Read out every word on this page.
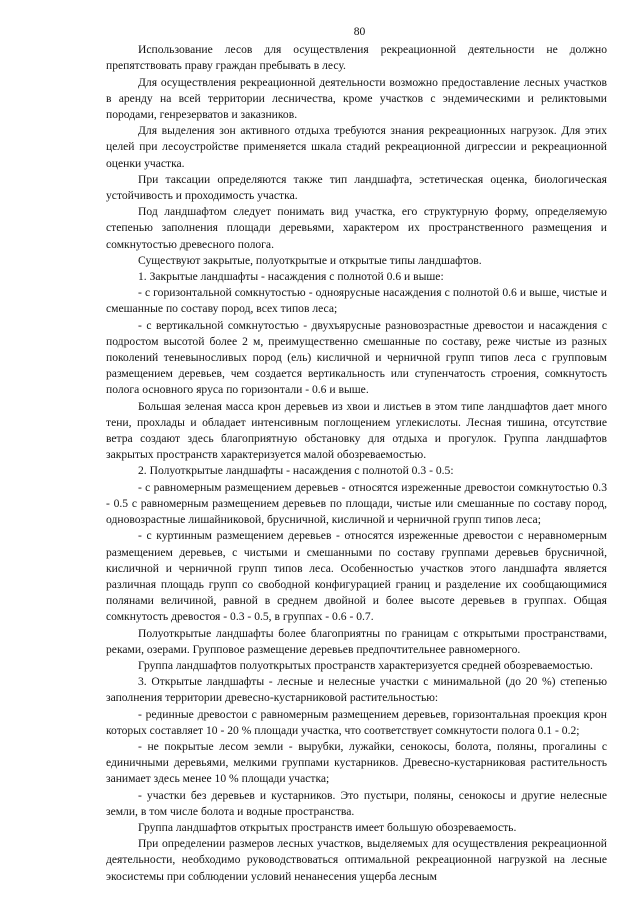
80

Использование лесов для осуществления рекреационной деятельности не должно препятствовать праву граждан пребывать в лесу.

Для осуществления рекреационной деятельности возможно предоставление лесных участков в аренду на всей территории лесничества, кроме участков с эндемическими и реликтовыми породами, генрезерватов и заказников.

Для выделения зон активного отдыха требуются знания рекреационных нагрузок. Для этих целей при лесоустройстве применяется шкала стадий рекреационной дигрессии и рекреационной оценки участка.

При таксации определяются также тип ландшафта, эстетическая оценка, биологическая устойчивость и проходимость участка.

Под ландшафтом следует понимать вид участка, его структурную форму, определяемую степенью заполнения площади деревьями, характером их пространственного размещения и сомкнутостью древесного полога.

Существуют закрытые, полуоткрытые и открытые типы ландшафтов.

1. Закрытые ландшафты - насаждения с полнотой 0.6 и выше:

- с горизонтальной сомкнутостью - одноярусные насаждения с полнотой 0.6 и выше, чистые и смешанные по составу пород, всех типов леса;

- с вертикальной сомкнутостью - двухъярусные разновозрастные древостои и насаждения с подростом высотой более 2 м, преимущественно смешанные по составу, реже чистые из разных поколений теневыносливых пород (ель) кисличной и черничной групп типов леса с групповым размещением деревьев, чем создается вертикальность или ступенчатость строения, сомкнутость полога основного яруса по горизонтали - 0.6 и выше.

Большая зеленая масса крон деревьев из хвои и листьев в этом типе ландшафтов дает много тени, прохлады и обладает интенсивным поглощением углекислоты. Лесная тишина, отсутствие ветра создают здесь благоприятную обстановку для отдыха и прогулок. Группа ландшафтов закрытых пространств характеризуется малой обозреваемостью.

2. Полуоткрытые ландшафты - насаждения с полнотой 0.3 - 0.5:

- с равномерным размещением деревьев - относятся изреженные древостои сомкнутостью 0.3 - 0.5 с равномерным размещением деревьев по площади, чистые или смешанные по составу пород, одновозрастные лишайниковой, брусничной, кисличной и черничной групп типов леса;

- с куртинным размещением деревьев - относятся изреженные древостои с неравномерным размещением деревьев, с чистыми и смешанными по составу группами деревьев брусничной, кисличной и черничной групп типов леса. Особенностью участков этого ландшафта является различная площадь групп со свободной конфигурацией границ и разделение их сообщающимися полянами величиной, равной в среднем двойной и более высоте деревьев в группах. Общая сомкнутость древостоя - 0.3 - 0.5, в группах - 0.6 - 0.7.

Полуоткрытые ландшафты более благоприятны по границам с открытыми пространствами, реками, озерами. Групповое размещение деревьев предпочтительнее равномерного.

Группа ландшафтов полуоткрытых пространств характеризуется средней обозреваемостью.

3. Открытые ландшафты - лесные и нелесные участки с минимальной (до 20 %) степенью заполнения территории древесно-кустарниковой растительностью:

- рединные древостои с равномерным размещением деревьев, горизонтальная проекция крон которых составляет 10 - 20 % площади участка, что соответствует сомкнутости полога 0.1 - 0.2;

- не покрытые лесом земли - вырубки, лужайки, сенокосы, болота, поляны, прогалины с единичными деревьями, мелкими группами кустарников. Древесно-кустарниковая растительность занимает здесь менее 10 % площади участка;

- участки без деревьев и кустарников. Это пустыри, поляны, сенокосы и другие нелесные земли, в том числе болота и водные пространства.

Группа ландшафтов открытых пространств имеет большую обозреваемость.

При определении размеров лесных участков, выделяемых для осуществления рекреационной деятельности, необходимо руководствоваться оптимальной рекреационной нагрузкой на лесные экосистемы при соблюдении условий ненанесения ущерба лесным
